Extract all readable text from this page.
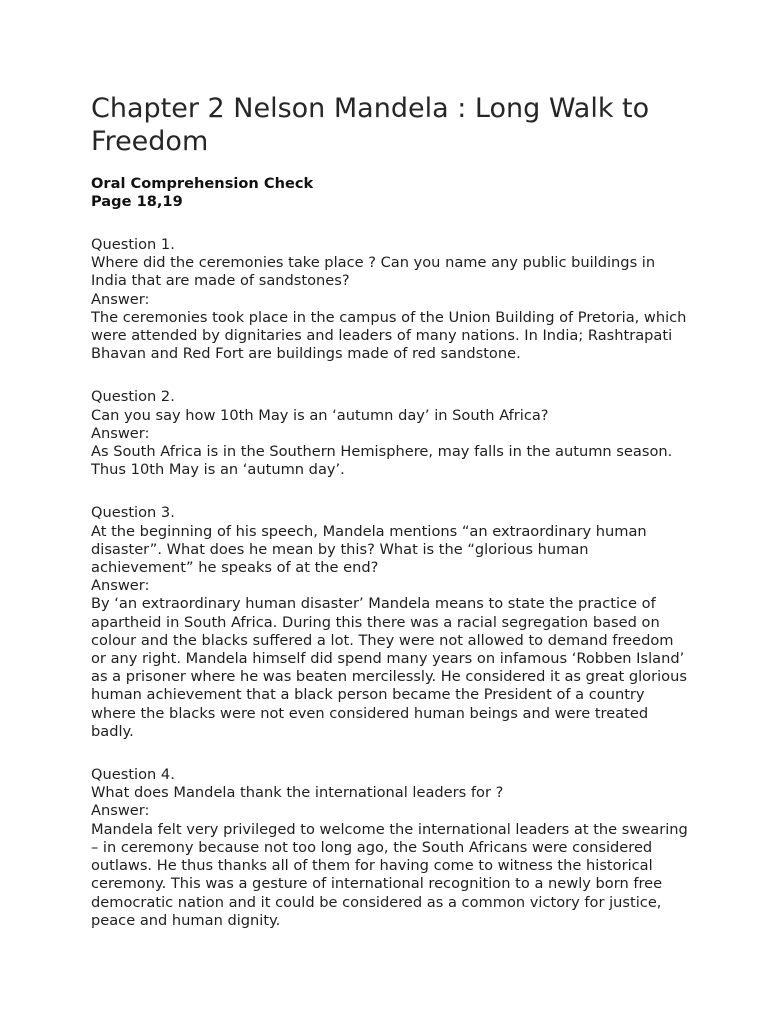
Chapter 2 Nelson Mandela : Long Walk to Freedom

Oral Comprehension Check

Page 18,19

Question 1.

Where did the ceremonies take place ? Can you name any public buildings in India that are made of sandstones?

Answer:

The ceremonies took place in the campus of the Union Building of Pretoria, which were attended by dignitaries and leaders of many nations. In India; Rashtrapati Bhavan and Red Fort are buildings made of red sandstone.

Question 2.

Can you say how 10th May is an ‘autumn day’ in South Africa?

Answer:

As South Africa is in the Southern Hemisphere, may falls in the autumn season. Thus 10th May is an ‘autumn day’.

Question 3.

At the beginning of his speech, Mandela mentions “an extraordinary human disaster”. What does he mean by this? What is the “glorious human achievement” he speaks of at the end?

Answer:

By ‘an extraordinary human disaster’ Mandela means to state the practice of apartheid in South Africa. During this there was a racial segregation based on colour and the blacks suffered a lot. They were not allowed to demand freedom or any right. Mandela himself did spend many years on infamous ‘Robben Island’ as a prisoner where he was beaten mercilessly. He considered it as great glorious human achievement that a black person became the President of a country where the blacks were not even considered human beings and were treated badly.

Question 4.

What does Mandela thank the international leaders for ?

Answer:

Mandela felt very privileged to welcome the international leaders at the swearing – in ceremony because not too long ago, the South Africans were considered outlaws. He thus thanks all of them for having come to witness the historical ceremony. This was a gesture of international recognition to a newly born free democratic nation and it could be considered as a common victory for justice, peace and human dignity.
